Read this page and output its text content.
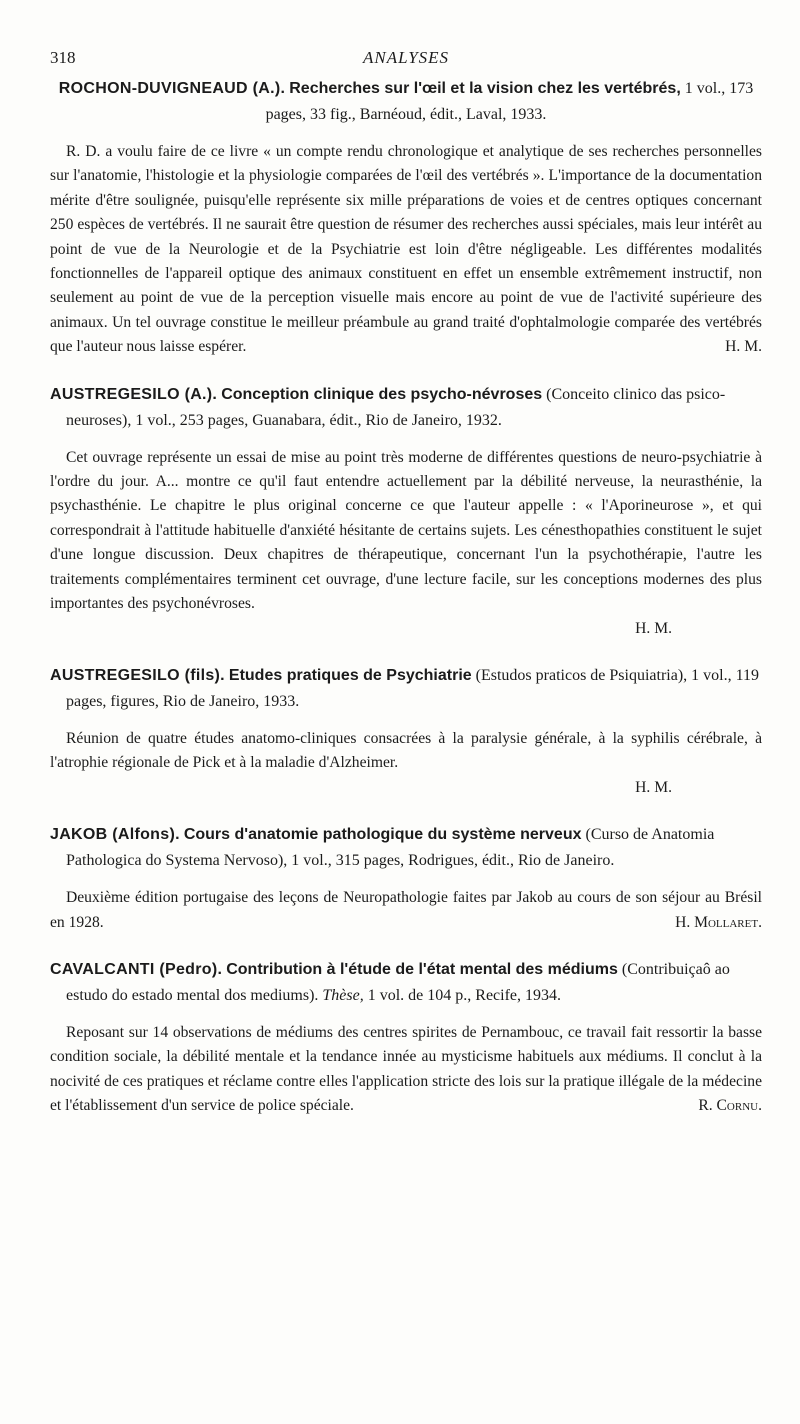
318	ANALYSES
ROCHON-DUVIGNEAUD (A.). Recherches sur l'œil et la vision chez les vertébrés, 1 vol., 173 pages, 33 fig., Barnéoud, édit., Laval, 1933.
R. D. a voulu faire de ce livre « un compte rendu chronologique et analytique de ses recherches personnelles sur l'anatomie, l'histologie et la physiologie comparées de l'œil des vertébrés ». L'importance de la documentation mérite d'être soulignée, puisqu'elle représente six mille préparations de voies et de centres optiques concernant 250 espèces de vertébrés. Il ne saurait être question de résumer des recherches aussi spéciales, mais leur intérêt au point de vue de la Neurologie et de la Psychiatrie est loin d'être négligeable. Les différentes modalités fonctionnelles de l'appareil optique des animaux constituent en effet un ensemble extrêmement instructif, non seulement au point de vue de la perception visuelle mais encore au point de vue de l'activité supérieure des animaux. Un tel ouvrage constitue le meilleur préambule au grand traité d'ophtalmologie comparée des vertébrés que l'auteur nous laisse espérer.	H. M.
AUSTREGESILO (A.). Conception clinique des psycho-névroses (Conceito clinico das psico-neuroses), 1 vol., 253 pages, Guanabara, édit., Rio de Janeiro, 1932.
Cet ouvrage représente un essai de mise au point très moderne de différentes questions de neuro-psychiatrie à l'ordre du jour. A... montre ce qu'il faut entendre actuellement par la débilité nerveuse, la neurasthénie, la psychasthénie. Le chapitre le plus original concerne ce que l'auteur appelle : « l'Aporineurose », et qui correspondrait à l'attitude habituelle d'anxiété hésitante de certains sujets. Les cénesthopathies constituent le sujet d'une longue discussion. Deux chapitres de thérapeutique, concernant l'un la psychothérapie, l'autre les traitements complémentaires terminent cet ouvrage, d'une lecture facile, sur les conceptions modernes des plus importantes des psychonévroses.
H. M.
AUSTREGESILO (fils). Etudes pratiques de Psychiatrie (Estudos praticos de Psiquiatria), 1 vol., 119 pages, figures, Rio de Janeiro, 1933.
Réunion de quatre études anatomo-cliniques consacrées à la paralysie générale, à la syphilis cérébrale, à l'atrophie régionale de Pick et à la maladie d'Alzheimer.
H. M.
JAKOB (Alfons). Cours d'anatomie pathologique du système nerveux (Curso de Anatomia Pathologica do Systema Nervoso), 1 vol., 315 pages, Rodrigues, édit., Rio de Janeiro.
Deuxième édition portugaise des leçons de Neuropathologie faites par Jakob au cours de son séjour au Brésil en 1928.	H. Mollaret.
CAVALCANTI (Pedro). Contribution à l'étude de l'état mental des médiums (Contribuiçaô ao estudo do estado mental dos mediums). Thèse, 1 vol. de 104 p., Recife, 1934.
Reposant sur 14 observations de médiums des centres spirites de Pernambouc, ce travail fait ressortir la basse condition sociale, la débilité mentale et la tendance innée au mysticisme habituels aux médiums. Il conclut à la nocivité de ces pratiques et réclame contre elles l'application stricte des lois sur la pratique illégale de la médecine et l'établissement d'un service de police spéciale.	R. Cornu.
